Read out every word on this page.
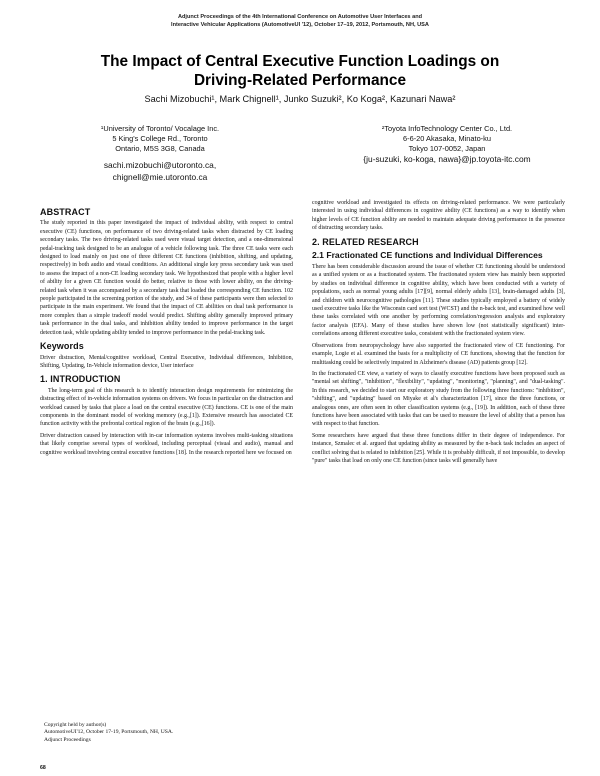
Adjunct Proceedings of the 4th International Conference on Automotive User Interfaces and
Interactive Vehicular Applications (AutomotiveUI '12), October 17–19, 2012, Portsmouth, NH, USA
The Impact of Central Executive Function Loadings on
Driving-Related Performance
Sachi Mizobuchi¹, Mark Chignell¹, Junko Suzuki², Ko Koga², Kazunari Nawa²
¹University of Toronto/ Vocalage Inc.
5 King's College Rd., Toronto
Ontario, M5S 3G8, Canada
sachi.mizobuchi@utoronto.ca,
chignell@mie.utoronto.ca
²Toyota InfoTechnology Center Co., Ltd.
6-6-20 Akasaka, Minato-ku
Tokyo 107-0052, Japan
{ju-suzuki, ko-koga, nawa}@jp.toyota-itc.com
ABSTRACT

The study reported in this paper investigated the impact of individual ability, with respect to central executive (CE) functions, on performance of two driving-related tasks when distracted by CE loading secondary tasks. The two driving-related tasks used were visual target detection, and a one-dimensional pedal-tracking task designed to be an analogue of a vehicle following task. The three CE tasks were each designed to load mainly on just one of three different CE functions (inhibition, shifting, and updating, respectively) in both audio and visual conditions. An additional single key press secondary task was used to assess the impact of a non-CE loading secondary task. We hypothesized that people with a higher level of ability for a given CE function would do better, relative to those with lower ability, on the driving-related task when it was accompanied by a secondary task that loaded the corresponding CE function. 102 people participated in the screening portion of the study, and 34 of these participants were then selected to participate in the main experiment. We found that the impact of CE abilities on dual task performance is more complex than a simple tradeoff model would predict. Shifting ability generally improved primary task performance in the dual tasks, and inhibition ability tended to improve performance in the target detection task, while updating ability tended to improve performance in the pedal-tracking task.

Keywords

Driver distraction, Mental/cognitive workload, Central Executive, Individual differences, Inhibition, Shifting, Updating, In-Vehicle information device, User interface

1. INTRODUCTION

The long-term goal of this research is to identify interaction design requirements for minimizing the distracting effect of in-vehicle information systems on drivers. We focus in particular on the distraction and workload caused by tasks that place a load on the central executive (CE) functions. CE is one of the main components in the dominant model of working memory (e.g.,[1]). Extensive research has associated CE function activity with the prefrontal cortical region of the brain (e.g.,[16]).

Driver distraction caused by interaction with in-car information systems involves multi-tasking situations that likely comprise several types of workload, including perceptual (visual and audio), manual and cognitive workload involving central executive functions [18]. In the research reported here we focused on

Copyright held by author(s)
AutomotiveUI'12, October 17-19, Portsmouth, NH, USA.
Adjunct Proceedings

cognitive workload and investigated its effects on driving-related performance. We were particularly interested in using individual differences in cognitive ability (CE functions) as a way to identify when higher levels of CE function ability are needed to maintain adequate driving performance in the presence of distracting secondary tasks.

2. RELATED RESEARCH
2.1 Fractionated CE functions and Individual Differences

There has been considerable discussion around the issue of whether CE functioning should be understood as a unified system or as a fractionated system. The fractionated system view has mainly been supported by studies on individual difference in cognitive ability, which have been conducted with a variety of populations, such as normal young adults [17][9], normal elderly adults [13], brain-damaged adults [3], and children with neurocognitive pathologies [11]. These studies typically employed a battery of widely used executive tasks like the Wisconsin card sort test (WCST) and the n-back test, and examined how well these tasks correlated with one another by performing correlation/regression analysis and exploratory factor analysis (EFA). Many of these studies have shown low (not statistically significant) inter-correlations among different executive tasks, consistent with the fractionated system view.

Observations from neuropsychology have also supported the fractionated view of CE functioning. For example, Logie et al. examined the basis for a multiplicity of CE functions, showing that the function for multitasking could be selectively impaired in Alzheimer's disease (AD) patients group [12].

In the fractionated CE view, a variety of ways to classify executive functions have been proposed such as "mental set shifting", "inhibition", "flexibility", "updating", "monitoring", "planning", and "dual-tasking". In this research, we decided to start our exploratory study from the following three functions: "inhibition", "shifting", and "updating" based on Miyake et al's characterization [17], since the three functions, or analogous ones, are often seen in other classification systems (e.g., [19]). In addition, each of these three functions have been associated with tasks that can be used to measure the level of ability that a person has with respect to that function.

Some researchers have argued that these three functions differ in their degree of independence. For instance, Szmalec et al. argued that updating ability as measured by the n-back task includes an aspect of conflict solving that is related to inhibition [25]. While it is probably difficult, if not impossible, to develop "pure" tasks that load on only one CE function (since tasks will generally have

68
